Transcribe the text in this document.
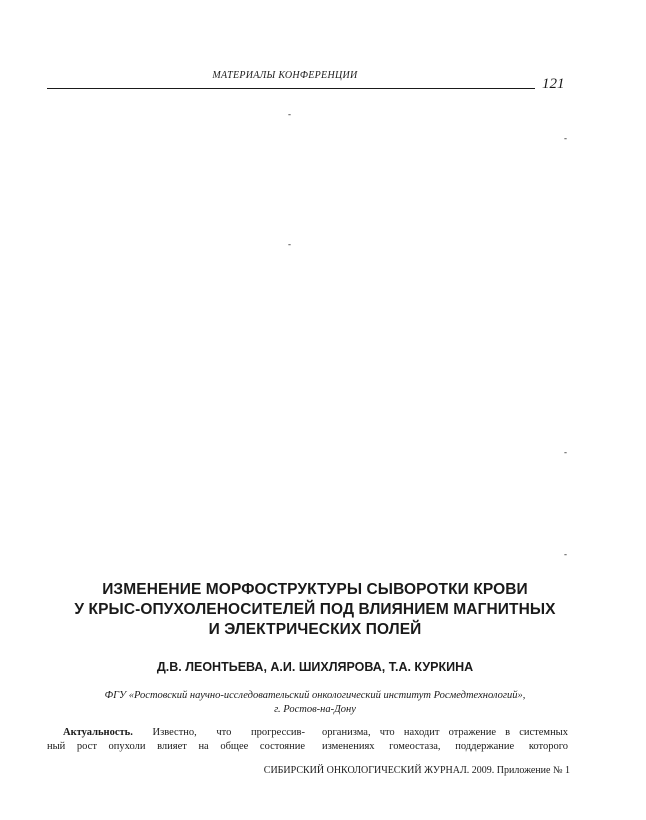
МАТЕРИАЛЫ КОНФЕРЕНЦИИ
121
-
-
-
-
-
ИЗМЕНЕНИЕ МОРФОСТРУКТУРЫ СЫВОРОТКИ КРОВИ
У КРЫС-ОПУХОЛЕНОСИТЕЛЕЙ ПОД ВЛИЯНИЕМ МАГНИТНЫХ
И ЭЛЕКТРИЧЕСКИХ ПОЛЕЙ
Д.В. ЛЕОНТЬЕВА, А.И. ШИХЛЯРОВА, Т.А. КУРКИНА
ФГУ «Ростовский научно-исследовательский онкологический институт Росмедтехнологий»,
г. Ростов-на-Дону
Актуальность. Известно, что прогрессив-
ный рост опухоли влияет на общее состояние
организма, что находит отражение в системных
изменениях гомеостаза, поддержание которого
СИБИРСКИЙ ОНКОЛОГИЧЕСКИЙ ЖУРНАЛ. 2009. Приложение № 1
